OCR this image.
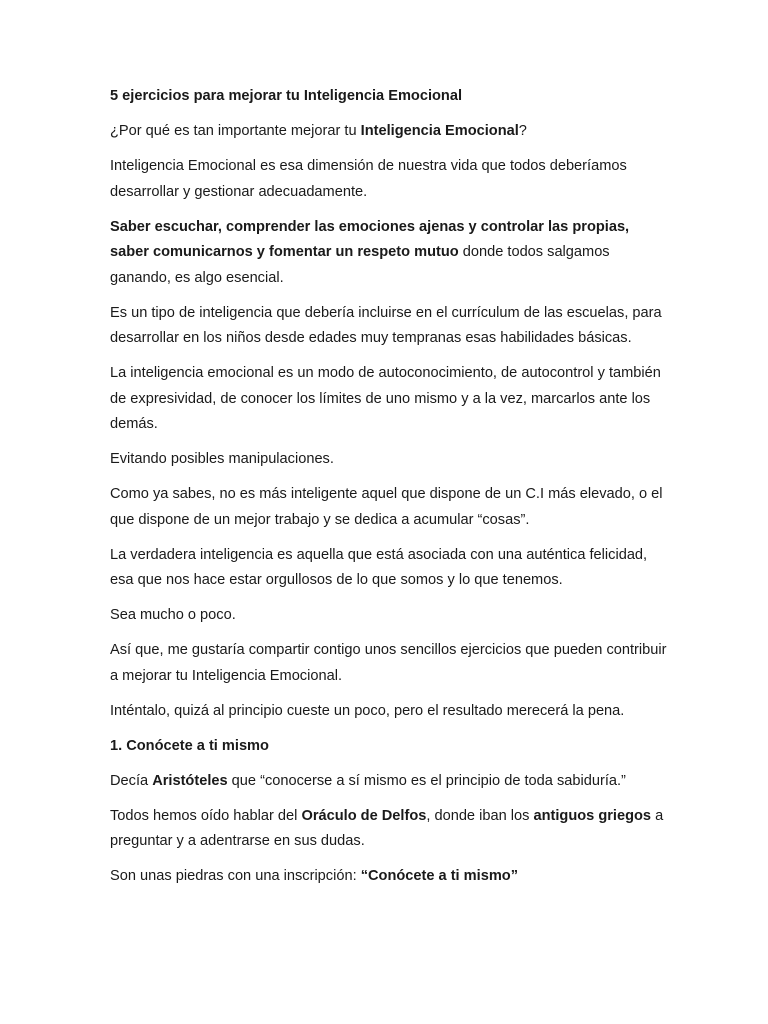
5 ejercicios para mejorar tu Inteligencia Emocional

¿Por qué es tan importante mejorar tu Inteligencia Emocional?

Inteligencia Emocional es esa dimensión de nuestra vida que todos deberíamos desarrollar y gestionar adecuadamente.

Saber escuchar, comprender las emociones ajenas y controlar las propias, saber comunicarnos y fomentar un respeto mutuo donde todos salgamos ganando, es algo esencial.

Es un tipo de inteligencia que debería incluirse en el currículum de las escuelas, para desarrollar en los niños desde edades muy tempranas esas habilidades básicas.

La inteligencia emocional es un modo de autoconocimiento, de autocontrol y también de expresividad, de conocer los límites de uno mismo y a la vez, marcarlos ante los demás.

Evitando posibles manipulaciones.

Como ya sabes, no es más inteligente aquel que dispone de un C.I más elevado, o el que dispone de un mejor trabajo y se dedica a acumular “cosas”.

La verdadera inteligencia es aquella que está asociada con una auténtica felicidad, esa que nos hace estar orgullosos de lo que somos y lo que tenemos.

Sea mucho o poco.

Así que, me gustaría compartir contigo unos sencillos ejercicios que pueden contribuir a mejorar tu Inteligencia Emocional.

Inténtalo, quizá al principio cueste un poco, pero el resultado merecerá la pena.

1. Conócete a ti mismo

Decía Aristóteles que “conocerse a sí mismo es el principio de toda sabiduría.”

Todos hemos oído hablar del Oráculo de Delfos, donde iban los antiguos griegos a preguntar y a adentrarse en sus dudas.

Son unas piedras con una inscripción: “Conócete a ti mismo”
